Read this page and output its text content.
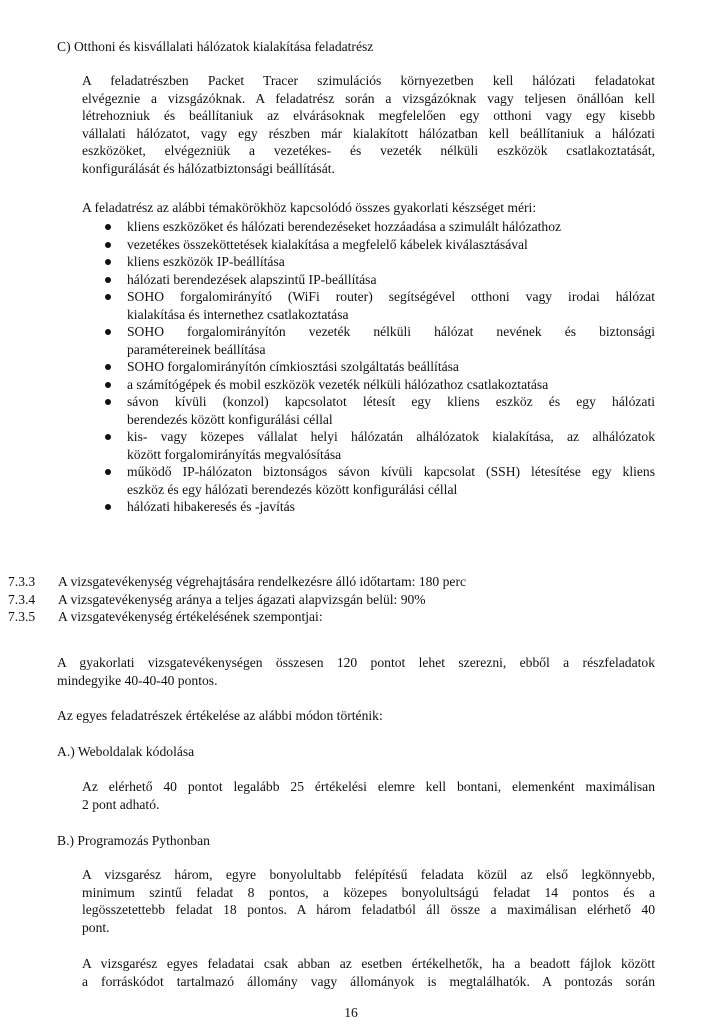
C) Otthoni és kisvállalati hálózatok kialakítása feladatrész
A feladatrészben Packet Tracer szimulációs környezetben kell hálózati feladatokat
elvégeznie a vizsgázóknak. A feladatrész során a vizsgázóknak vagy teljesen önállóan kell
létrehozniuk és beállítaniuk az elvárásoknak megfelelően egy otthoni vagy egy kisebb
vállalati hálózatot, vagy egy részben már kialakított hálózatban kell beállítaniuk a hálózati
eszközöket, elvégezniük a vezetékes- és vezeték nélküli eszközök csatlakoztatását,
konfigurálását és hálózatbiztonsági beállítását.
A feladatrész az alábbi témakörökhöz kapcsolódó összes gyakorlati készséget méri:
kliens eszközöket és hálózati berendezéseket hozzáadása a szimulált hálózathoz
vezetékes összeköttetések kialakítása a megfelelő kábelek kiválasztásával
kliens eszközök IP-beállítása
hálózati berendezések alapszintű IP-beállítása
SOHO forgalomirányító (WiFi router) segítségével otthoni vagy irodai hálózat
kialakítása és internethez csatlakoztatása
SOHO forgalomirányítón vezeték nélküli hálózat nevének és biztonsági
paramétereinek beállítása
SOHO forgalomirányítón címkiosztási szolgáltatás beállítása
a számítógépek és mobil eszközök vezeték nélküli hálózathoz csatlakoztatása
sávon kívüli (konzol) kapcsolatot létesít egy kliens eszköz és egy hálózati
berendezés között konfigurálási céllal
kis- vagy közepes vállalat helyi hálózatán alhálózatok kialakítása, az alhálózatok
között forgalomirányítás megvalósítása
működő IP-hálózaton biztonságos sávon kívüli kapcsolat (SSH) létesítése egy kliens
eszköz és egy hálózati berendezés között konfigurálási céllal
hálózati hibakeresés és -javítás
7.3.3	A vizsgatevékenység végrehajtására rendelkezésre álló időtartam: 180 perc
7.3.4	A vizsgatevékenység aránya a teljes ágazati alapvizsgán belül: 90%
7.3.5	A vizsgatevékenység értékelésének szempontjai:
A gyakorlati vizsgatevékenységen összesen 120 pontot lehet szerezni, ebből a részfeladatok
mindegyike 40-40-40 pontos.
Az egyes feladatrészek értékelése az alábbi módon történik:
A.) Weboldalak kódolása
Az elérhető 40 pontot legalább 25 értékelési elemre kell bontani, elemenként maximálisan
2 pont adható.
B.) Programozás Pythonban
A vizsgarész három, egyre bonyolultabb felépítésű feladata közül az első legkönnyebb,
minimum szintű feladat 8 pontos, a közepes bonyolultságú feladat 14 pontos és a
legösszetettebb feladat 18 pontos. A három feladatból áll össze a maximálisan elérhető 40
pont.
A vizsgarész egyes feladatai csak abban az esetben értékelhetők, ha a beadott fájlok között
a forráskódot tartalmazó állomány vagy állományok is megtalálhatók. A pontozás során
16
